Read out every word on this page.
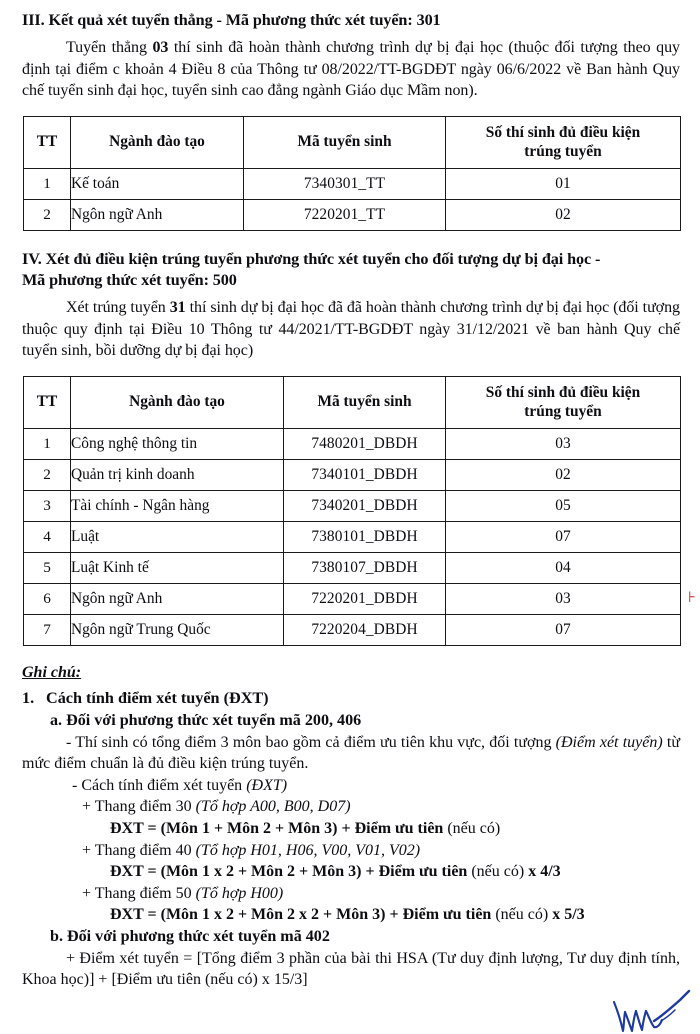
III. Kết quả xét tuyển thẳng - Mã phương thức xét tuyển: 301

Tuyển thẳng 03 thí sinh đã hoàn thành chương trình dự bị đại học (thuộc đối tượng theo quy định tại điểm c khoản 4 Điều 8 của Thông tư 08/2022/TT-BGDĐT ngày 06/6/2022 về Ban hành Quy chế tuyển sinh đại học, tuyển sinh cao đẳng ngành Giáo dục Mầm non).

TT	Ngành đào tạo	Mã tuyển sinh	Số thí sinh đủ điều kiện
trúng tuyển
1	Kế toán	7340301_TT	01
2	Ngôn ngữ Anh	7220201_TT	02
IV. Xét đủ điều kiện trúng tuyển phương thức xét tuyển cho đối tượng dự bị đại học -
Mã phương thức xét tuyển: 500

Xét trúng tuyển 31 thí sinh dự bị đại học đã đã hoàn thành chương trình dự bị đại học (đối tượng thuộc quy định tại Điều 10 Thông tư 44/2021/TT-BGDĐT ngày 31/12/2021 về ban hành Quy chế tuyển sinh, bồi dưỡng dự bị đại học)

TT	Ngành đào tạo	Mã tuyển sinh	Số thí sinh đủ điều kiện
trúng tuyển
1	Công nghệ thông tin	7480201_DBDH	03
2	Quản trị kinh doanh	7340101_DBDH	02
3	Tài chính - Ngân hàng	7340201_DBDH	05
4	Luật	7380101_DBDH	07
5	Luật Kinh tế	7380107_DBDH	04
6	Ngôn ngữ Anh	7220201_DBDH	03
7	Ngôn ngữ Trung Quốc	7220204_DBDH	07
Ghi chú:
1. Cách tính điểm xét tuyển (ĐXT)
a. Đối với phương thức xét tuyển mã 200, 406

- Thí sinh có tổng điểm 3 môn bao gồm cả điểm ưu tiên khu vực, đối tượng (Điểm xét tuyển) từ mức điểm chuẩn là đủ điều kiện trúng tuyển.

- Cách tính điểm xét tuyển (ĐXT)
+ Thang điểm 30 (Tổ hợp A00, B00, D07)
ĐXT = (Môn 1 + Môn 2 + Môn 3) + Điểm ưu tiên (nếu có)
+ Thang điểm 40 (Tổ hợp H01, H06, V00, V01, V02)
ĐXT = (Môn 1 x 2 + Môn 2 + Môn 3) + Điểm ưu tiên (nếu có) x 4/3
+ Thang điểm 50 (Tổ hợp H00)
ĐXT = (Môn 1 x 2 + Môn 2 x 2 + Môn 3) + Điểm ưu tiên (nếu có) x 5/3
b. Đối với phương thức xét tuyển mã 402

+ Điểm xét tuyển = [Tổng điểm 3 phần của bài thi HSA (Tư duy định lượng, Tư duy định tính, Khoa học)] + [Điểm ưu tiên (nếu có) x 15/3]

⊦
